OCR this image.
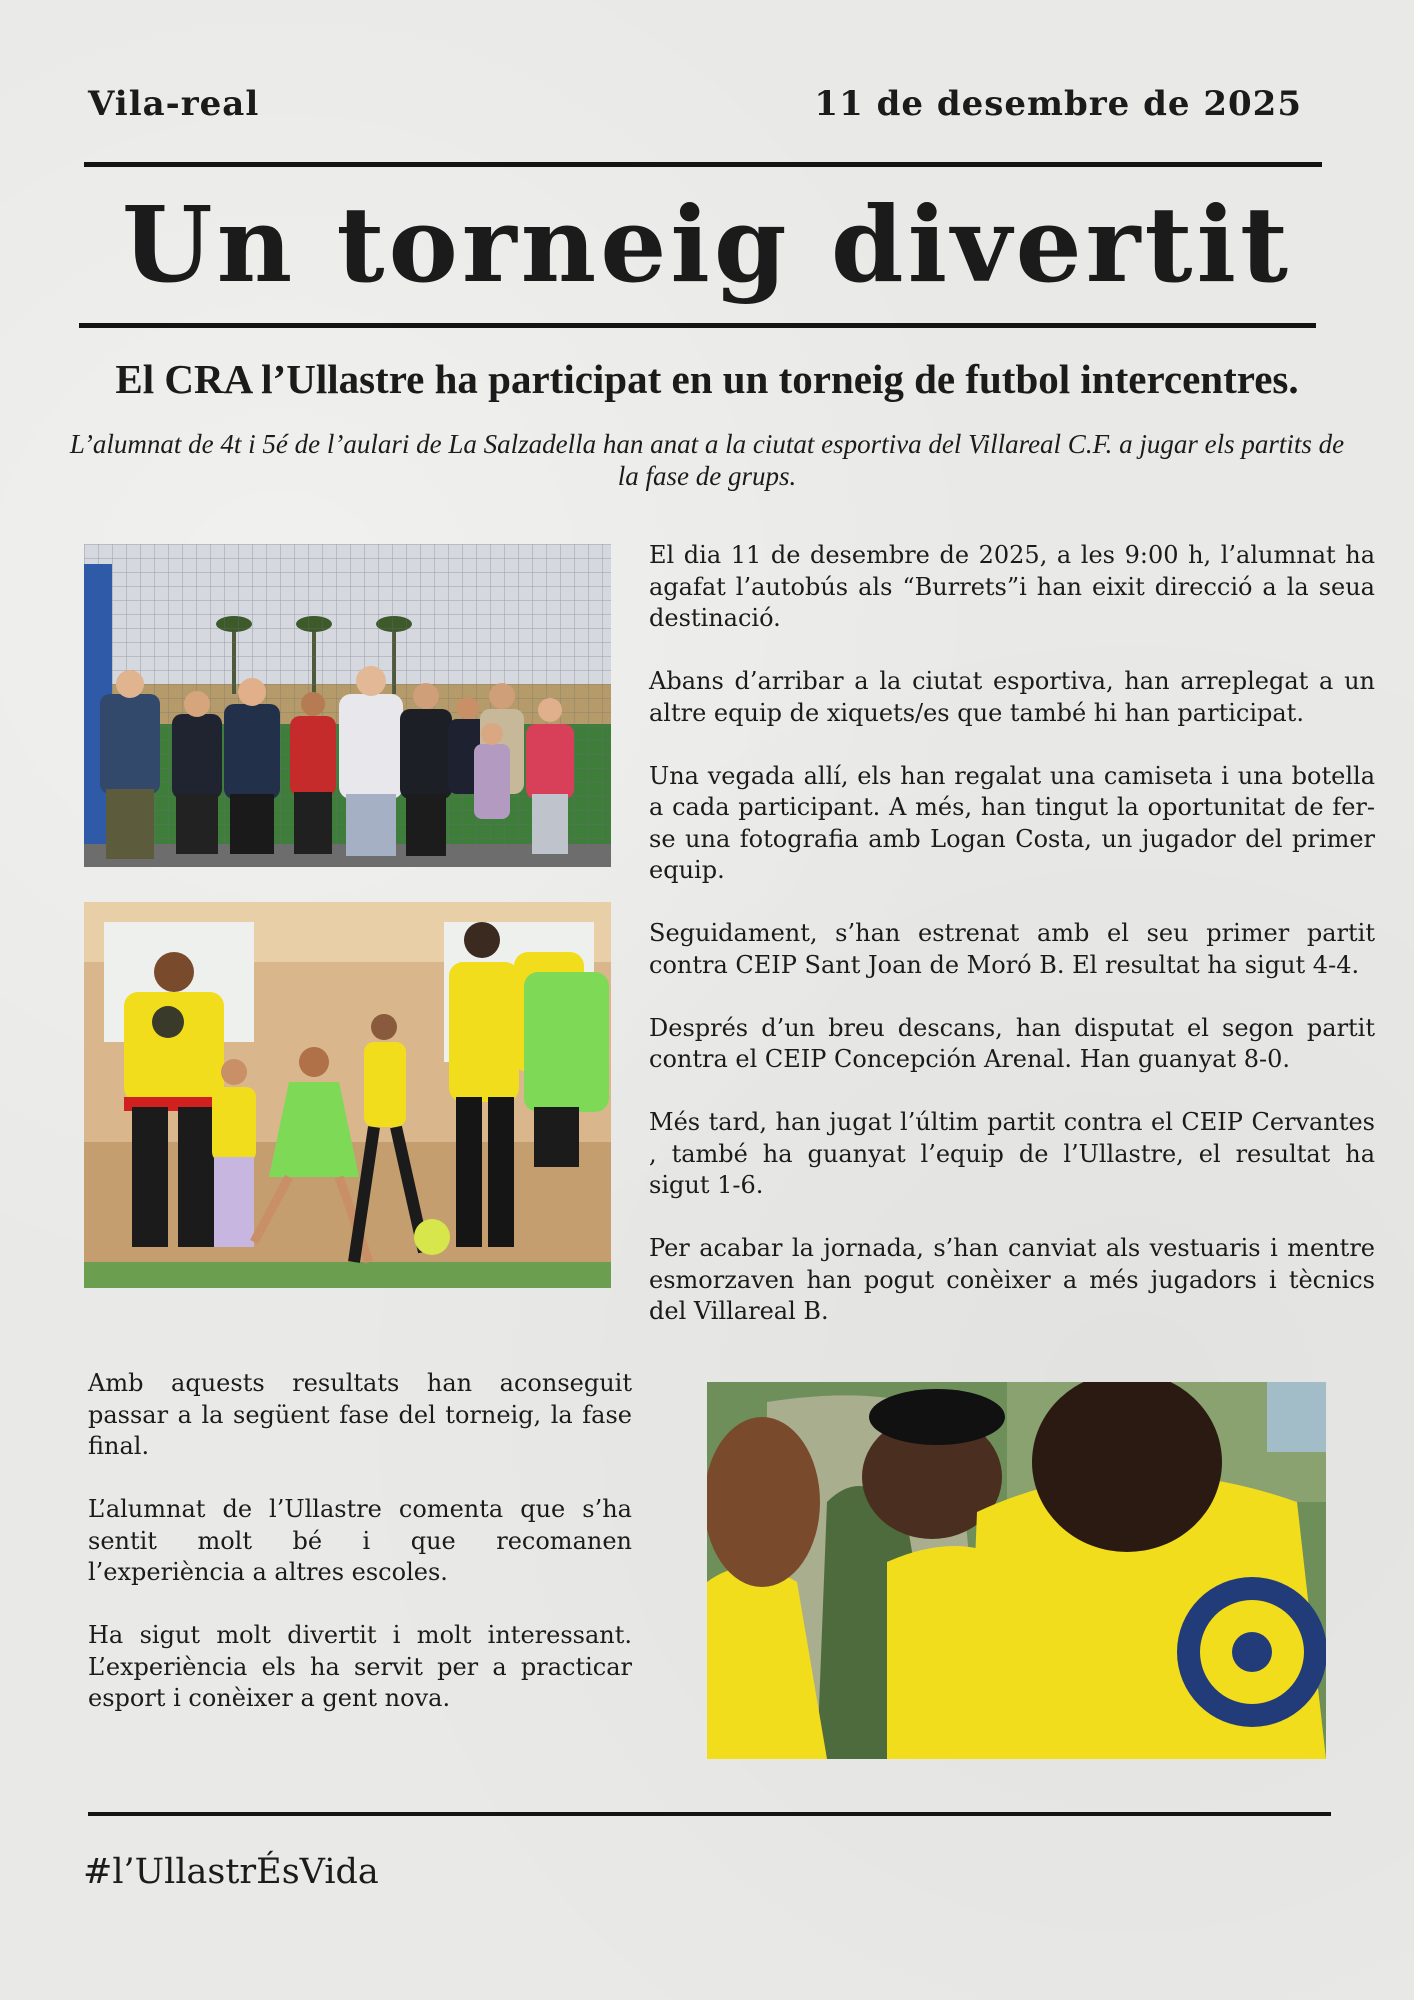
Vila-real	11 de desembre de 2025
Un torneig divertit
El CRA l’Ullastre ha participat en un torneig de futbol intercentres.
L’alumnat de 4t i 5é de l’aulari de La Salzadella han anat a la ciutat esportiva del Villareal C.F. a jugar els partits de la fase de grups.

El dia 11 de desembre de 2025, a les 9:00 h, l’alumnat ha agafat l’autobús als “Burrets”i han eixit direcció a la seua destinació.

Abans d’arribar a la ciutat esportiva, han arreplegat a un altre equip de xiquets/es que també hi han participat.

Una vegada allí, els han regalat una camiseta i una botella a cada participant. A més, han tingut la oportunitat de fer-se una fotografia amb Logan Costa, un jugador del primer equip.

Seguidament, s’han estrenat amb el seu primer partit contra CEIP Sant Joan de Moró B. El resultat ha sigut 4-4.

Després d’un breu descans, han disputat el segon partit contra el CEIP Concepción Arenal. Han guanyat 8-0.

Més tard, han jugat l’últim partit contra el CEIP Cervantes , també ha guanyat l’equip de l’Ullastre, el resultat ha sigut 1-6.

Per acabar la jornada, s’han canviat als vestuaris i mentre esmorzaven han pogut conèixer a més jugadors i tècnics del Villareal B.

Amb aquests resultats han aconseguit passar a la següent fase del torneig, la fase final.

L’alumnat de l’Ullastre comenta que s’ha sentit molt bé i que recomanen l’experiència a altres escoles.

Ha sigut molt divertit i molt interessant. L’experiència els ha servit per a practicar esport i conèixer a gent nova.

#l’UllastrÉsVida
